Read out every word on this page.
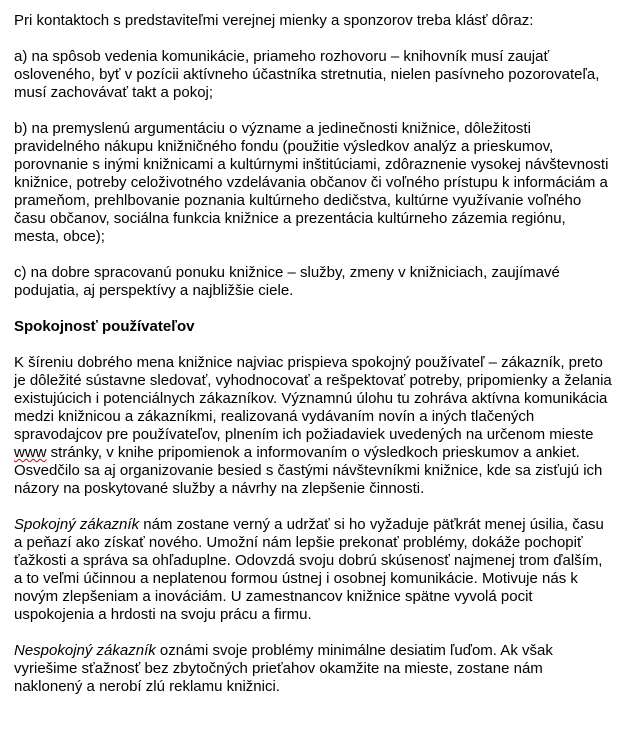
Pri kontaktoch s predstaviteľmi verejnej mienky a sponzorov treba klásť dôraz:

a) na spôsob vedenia komunikácie, priameho rozhovoru – knihovník musí zaujať osloveného, byť v pozícii aktívneho účastníka stretnutia, nielen pasívneho pozorovateľa, musí zachovávať takt a pokoj;

b) na premyslenú argumentáciu o význame a jedinečnosti knižnice, dôležitosti pravidelného nákupu knižničného fondu (použitie výsledkov analýz a prieskumov, porovnanie s inými knižnicami a kultúrnymi inštitúciami, zdôraznenie vysokej návštevnosti knižnice, potreby celoživotného vzdelávania občanov či voľného prístupu k informáciám a prameňom, prehlbovanie poznania kultúrneho dedičstva, kultúrne využívanie voľného času občanov, sociálna funkcia knižnice a prezentácia kultúrneho zázemia regiónu, mesta, obce);

c) na dobre spracovanú ponuku knižnice – služby, zmeny v knižniciach, zaujímavé podujatia, aj perspektívy a najbližšie ciele.

Spokojnosť používateľov

K šíreniu dobrého mena knižnice najviac prispieva spokojný používateľ – zákazník, preto je dôležité sústavne sledovať, vyhodnocovať a rešpektovať potreby, pripomienky a želania existujúcich i potenciálnych zákazníkov. Významnú úlohu tu zohráva aktívna komunikácia medzi knižnicou a zákazníkmi, realizovaná vydávaním novín a iných tlačených spravodajcov pre používateľov, plnením ich požiadaviek uvedených na určenom mieste www stránky, v knihe pripomienok a informovaním o výsledkoch prieskumov a ankiet. Osvedčilo sa aj organizovanie besied s častými návštevníkmi knižnice, kde sa zisťujú ich názory na poskytované služby a návrhy na zlepšenie činnosti.

Spokojný zákazník nám zostane verný a udržať si ho vyžaduje päťkrát menej úsilia, času a peňazí ako získať nového. Umožní nám lepšie prekonať problémy, dokáže pochopiť ťažkosti a správa sa ohľaduplne. Odovzdá svoju dobrú skúsenosť najmenej trom ďalším, a to veľmi účinnou a neplatenou formou ústnej i osobnej komunikácie. Motivuje nás k novým zlepšeniam a inováciám. U zamestnancov knižnice spätne vyvolá pocit uspokojenia a hrdosti na svoju prácu a firmu.

Nespokojný zákazník oznámi svoje problémy minimálne desiatim ľuďom. Ak však vyriešime sťažnosť bez zbytočných prieťahov okamžite na mieste, zostane nám naklonený a nerobí zlú reklamu knižnici.
